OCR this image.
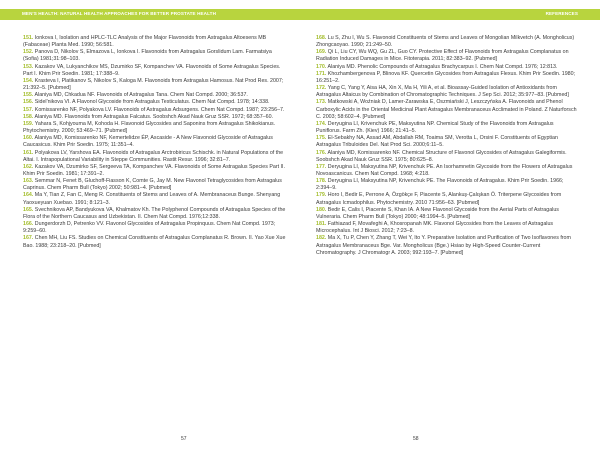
MEN'S HEALTH: NATURAL HEALTH APPROACHES FOR BETTER PROSTATE HEALTH	REFERENCES

151. Ionkova I, Isolation and HPLC-TLC Analysis of the Major Flavonoids from Astragalus Altoesens MB (Fabaceae) Planta Med. 1990; 56:581.

152. Panova D, Nikolov S, Elmazova L, Ionkova I. Flavonoids from Astragalus Gorslidum Lam. Farmatsiya (Sofia) 1981;31:98–103.

153. Kazakov VA, Lukyanchikov MS, Dzumirko SF, Kompanchev VA. Flavonoids of Some Astragalus Species. Part I. Khim Prir Soedin. 1981; 17:388–9.

154. Krasteva I, Platikanov S, Nikolov S, Kaloga M. Flavonoids from Astragalus Hamosus. Nat Prod Res. 2007; 21:392–5. [Pubmed]

155. Alaniya MD, Chkadua NF. Flavonoids of Astragalus Tana. Chem Nat Compd. 2000; 36:537.

156. Sidel'nikova VI. A Flavonol Glycoside from Astragalus Testiculatus. Chem Nat Compd. 1978; 14:338.

157. Komissarenko NF, Polyakova LV. Flavonoids of Astragalus Adsurgens. Chem Nat Compd. 1987; 23:256–7.

158. Alaniya MD. Flavonoids from Astragalus Falcatus. Soobshch Akad Nauk Gruz SSR. 1972; 68:357–60.

159. Yahara S, Kohjyouma M, Kohoda H. Flavonoid Glycosides and Saponins from Astragalus Shikokianus. Phytochemistry. 2000; 53:469–71. [Pubmed]

160. Alaniya MD, Komissarenko NF, Kemertelidze ÉP, Ascaside - A New Flavonoid Glycoside of Astragalus Caucasicus. Khim Prir Soedin. 1975; 11:351–4.

161. Polyakova LV, Yarshova EA. Flavonoids of Astragalus Arctrobiricus Schischk. in Natural Populations of the Altai. I. Intrapopulational Variability in Steppe Communities. Rastit Resur. 1996; 32:81–7.

162. Kazakov VA, Dzumirko SF, Sergeeva TA, Kompanchev VA. Flavonoids of Some Astragalus Species Part II. Khim Prir Soedin. 1981; 17:391–2.

163. Semmar N, Fenet B, Gluchoff-Fiasson K, Comte G, Jay M. New Flavonol Tetraglycosides from Astragalus Caprinus. Chem Pharm Bull (Tokyo) 2002; 50:981–4. [Pubmed]

164. Ma Y, Tian Z, Fan C, Meng R. Constituents of Stems and Leaves of A. Membranaceus Bunge. Shenyang Yaoxueyuan Xuebao. 1991; 8:121–3.

165. Svechnikova AP, Bandyukova VA, Khalmatov Kh. The Polyphenol Compounds of Astragalus Species of the Flora of the Northern Caucasus and Uzbekistan. II. Chem Nat Compd. 1976;12:338.

166. Dungerdorzh D, Petrenko VV. Flavonol Glycosides of Astragalus Propinquus. Chem Nat Compd. 1973; 9:259–60.

167. Chen MH, Liu FS. Studies on Chemical Constituents of Astragalus Complanatus R. Brown. II. Yao Xue Xue Bao. 1988; 23:218–20. [Pubmed]

168. Lu S, Zhu I, Wu S. Flavonoid Constituents of Stems and Leaves of Mongolian Milkvetch (A. Mongholicus) Zhongcaoyao. 1990; 21:249–50.

169. Qi L, Liu CY, Wu WQ, Gu ZL, Guo CY. Protective Effect of Flavonoids from Astragalus Complanatus on Radiation Induced Damages in Mice. Fitoterapia. 2011; 82:383–92. [Pubmed]

170. Alaniya MD. Phenolic Compounds of Astragalus Brachycarpus I. Chem Nat Compd. 1976; 12:813.

171. Khozhambergenova P, Blinova KF. Quercetin Glycosides from Astragalus Flexus. Khim Prir Soedin. 1980; 16:251–2.

172. Yang C, Yang Y, Aisa HA, Xin X, Ma H, Yili A, et al. Bioassay-Guided Isolation of Antioxidants from Astragalus Altaicus by Combination of Chromatographic Techniques. J Sep Sci. 2012; 35:977–83. [Pubmed]

173. Matkowski A, Woźniak D, Lamer-Zarawska E, Oszmiański J, Leszczyńska A. Flavonoids and Phenol Carboxylic Acids in the Oriental Medicinal Plant Astragalus Membranaceus Acclimated in Poland. Z Naturforsch C. 2003; 58:602–4. [Pubmed]

174. Deryugina LI, Krivenchuk PE, Maksyutina NP. Chemical Study of the Flavonoids from Astragalus Puniflorus. Farm Zh. (Kiev) 1966; 21:41–5.

175. El-Sebakhy NA, Assad AM, Abdallah RM, Toaima SM, Verotta L, Orsini F. Constituents of Egyptian Astragalus Tribuloides Del. Nat Prod Sci. 2000;6:11–5.

176. Alaniya MD, Komissarenko NF. Chemical Structure of Flavonol Glycosides of Astragalus Galegiformis. Soobshch Akad Nauk Gruz SSR. 1975; 80:625–8.

177. Deryugina LI, Maksyutina NP, Krivenchuk PE. An Isorhamnetin Glycoside from the Flowers of Astragalus Novoascanicus. Chem Nat Compd. 1968; 4:218.

178. Deryugina LI, Maksyutina NP, Krivenchuk PE. The Flavonoids of Astragalus. Khim Prir Soedin. 1966; 2:394–9.

179. Horo I, Bedir E, Perrone A, Özgökçe F, Piacente S, Alankuş-Çalışkan Ö. Triterpene Glycosides from Astragalus Icmadophilus. Phytochemistry. 2010 71:956–63. [Pubmed]

180. Bedir E, Calis I, Piacente S, Khan IA. A New Flavonol Glycoside from the Aerial Parts of Astragalus Vulneraria. Chem Pharm Bull (Tokyo) 2000; 48:1994–5. [Pubmed]

181. Fathiazad F, Movafeghi A, Khosropanah MK. Flavonol Glycosides from the Leaves of Astragalus Microcephalus. Int J Biosci. 2012; 7:23–8.

182. Ma X, Tu P, Chen Y, Zhang T, Wei Y, Ito Y. Preparative Isolation and Purification of Two Isoflavones from Astragalus Membranaceus Bge. Var. Mongholicus (Bge.) Hsiao by High-Speed Counter-Current Chromatography. J Chromatogr A. 2003; 992:193–7. [Pubmed]

57	58
